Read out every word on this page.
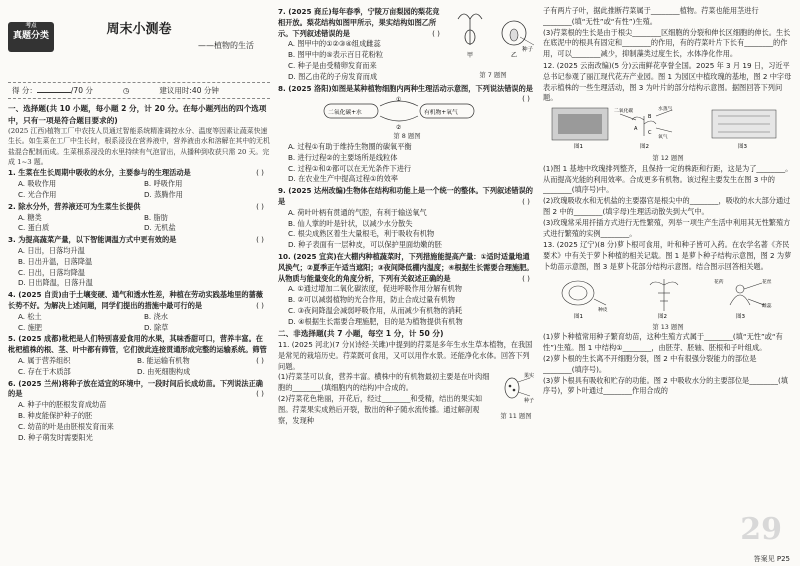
考点
真题分类	周末小测卷
——植物的生活
得 分：	/70 分	◷	建议用时:40 分钟

一、选择题(共 10 小题，每小题 2 分，计 20 分。在每小题列出的四个选项中，只有一项是符合题目要求的)

(2025 江西)植物工厂中农技人员通过智能系统精准调控水分、温度等因素让蔬菜快速生长。如生菜在工厂中生长时，根系浸没在营养液中，营养液由水和溶解在其中的无机盐混合配制而成。生菜根系浸没的水里持续有气泡冒出，从播种到收获只需 20 天。完成 1~3 题。

1. 生菜在生长周期中吸收的水分，主要参与的生理活动是	( )

A. 吸收作用	B. 呼吸作用
C. 光合作用	D. 蒸腾作用

2. 除水分外，营养液还可为生菜生长提供	( )

A. 糖类	B. 脂肪
C. 蛋白质	D. 无机盐

3. 为提高蔬菜产量，以下智能调温方式中更有效的是	( )

A. 日出，日落均升温
B. 日出升温，日落降温
C. 日出，日落均降温
D. 日出降温，日落升温

4. (2025 自贡)由于土壤变硬、通气和透水性差，种植在劳动实践基地里的蔷薇长势不好。为解决上述问题，同学们提出的措施中最可行的是	( )

A. 松土	B. 浇水
C. 施肥	D. 除草

5. (2025 成都)枇杷是人们特别喜爱食用的水果，其味香甜可口，营养丰富。在枇杷植株的根、茎、叶中都有筛管，它们彼此连接贯通形成完整的运输系统。筛管
( )

A. 属于营养组织	B. 能运输有机物
C. 存在于木质部	D. 由死细胞构成

6. (2025 兰州)将种子放在适宜的环境中，一段时间后长成幼苗。下列说法正确的是	( )

A. 种子中的胚根发育成幼苗
B. 种皮能保护种子的胚
C. 幼苗的叶是由胚根发育而来
D. 种子萌发时需要阳光
甲	乙
种子
第 7 题图

7. (2025 商丘)每年春季，宁陵万亩梨园的梨花竞相开放。梨花结构如图甲所示，果实结构如图乙所示。下列叙述错误的是	( )

A. 图甲中的①②③④组成雌蕊
B. 图甲中的⑤表示百日花粉粒
C. 种子是由受精卵发育而来
D. 图乙由花的子房发育而成

8. (2025 洛阳)如图是某种植物细胞内两种生理活动示意图，下列说法错误的是
( )

二氧化碳+水	有机物+氧气
①
②
第 8 题图
A. 过程①有助于维持生物圈的碳氧平衡
B. 进行过程②的主要场所是线粒体
C. 过程①和②都可以在无光条件下进行
D. 在农业生产中提高过程①的效率

9. (2025 达州改编)生物体在结构和功能上是一个统一的整体。下列叙述错误的是	( )

A. 荷叶叶柄有贯通的气腔，有利于输送氧气
B. 仙人掌的叶是针状，以减少水分散失
C. 根尖成熟区着生大量根毛，利于吸收有机物
D. 种子表面有一层种皮，可以保护里面幼嫩的胚

10. (2025 宜宾)在大棚内种植蔬菜时，下列措施能提高产量：①适时适量地通风换气；②夏季正午适当遮阳；③夜间降低棚内温度；④根据生长需要合理施肥。从物质与能量变化的角度分析，下列有关叙述正确的是	( )

A. ①通过增加二氧化碳浓度，促进呼吸作用分解有机物
B. ②可以减弱植物的光合作用，防止合成过量有机物
C. ③夜间降温会减弱呼吸作用，从而减少有机物的消耗
D. ④根据生长需要合理施肥，目的是为植物提供有机物

二、非选择题(共 7 小题，每空 1 分，计 50 分)

11. (2025 河北)(7 分)(诗经·关雎)中提到的荇菜是多年生水生草本植物，在我国是常见的栽培历史。荇菜既可食用，又可以用作水景。还能净化水体。回答下列问题。

果实
种子
第 11 题图

(1)荇菜茎可以食，营养丰富。横株中的有机物最初主要是在叶肉细胞的________(填细胞内的结构)中合成的。

(2)荇菜花色艳丽，开花后，经过________和受精，结出的果实如图。荇菜果实成熟后开裂，散出的种子随水流传播。通过解剖观察，发现种

子有两片子叶，据此推断荇菜属于________植物。荇菜也能用茎进行________(填“无性”或“有性”)生殖。

(3)荇菜根的生长是由于根尖________区细胞的分裂和伸长区细胞的伸长。生长在底泥中的根具有固定和________的作用，有的荇菜叶片下长有________的作用，可以________减少，抑制藻类过度生长，水体净化作用。

12. (2025 云南改编)(5 分)云南鲜花享誉全国。2025 年 3 月 19 日，习近平总书记参观了丽江现代花卉产业园。图 1 为园区中植玫瑰的基地，图 2 中字母表示植株的一些生理活动，图 3 为叶片的部分结构示意图。据图回答下列问题。

二氧化碳	水蒸气
氧气
A
B
C
图1	图2	图3
第 12 题图

(1)图 1 基地中玫瑰排列整齐，且保持一定的株距和行距，这是为了________。从而提高光能的利用效率。合成更多有机物。该过程主要发生在图 3 中的________(填序号)中。

(2)玫瑰吸收水和无机盐的主要器官是根尖中的________，吸收的水大部分通过图 2 中的________(填字母)生理活动散失到大气中。

(3)玫瑰常采用扦插方式进行无性繁殖，列举一项生产生活中利用其无性繁殖方式进行繁殖的实例________。

13. (2025 辽宁)(8 分)萝卜根可食用，叶和种子皆可入药。在农学名著《齐民要术》中有关于萝卜种植的相关记载。图 1 是萝卜种子结构示意图，图 2 为萝卜幼苗示意图，图 3 是萝卜花部分结构示意图。结合图示回答相关题。

种皮
花药	花丝
雌蕊
图1	图2	图3
第 13 题图

(1)萝卜种植常用种子繁育幼苗，这种生殖方式属于________(填“无性”或“有性”)生殖。图 1 中结构①________，由胚芽、胚轴、胚根和子叶组成。

(2)萝卜根的生长离不开细胞分裂，图 2 中有很强分裂能力的部位是________(填序号)。

(3)萝卜根具有吸收和贮存的功能。图 2 中吸收水分的主要部位是________(填序号)，萝卜叶通过________作用合成的

29
答案见 P25
